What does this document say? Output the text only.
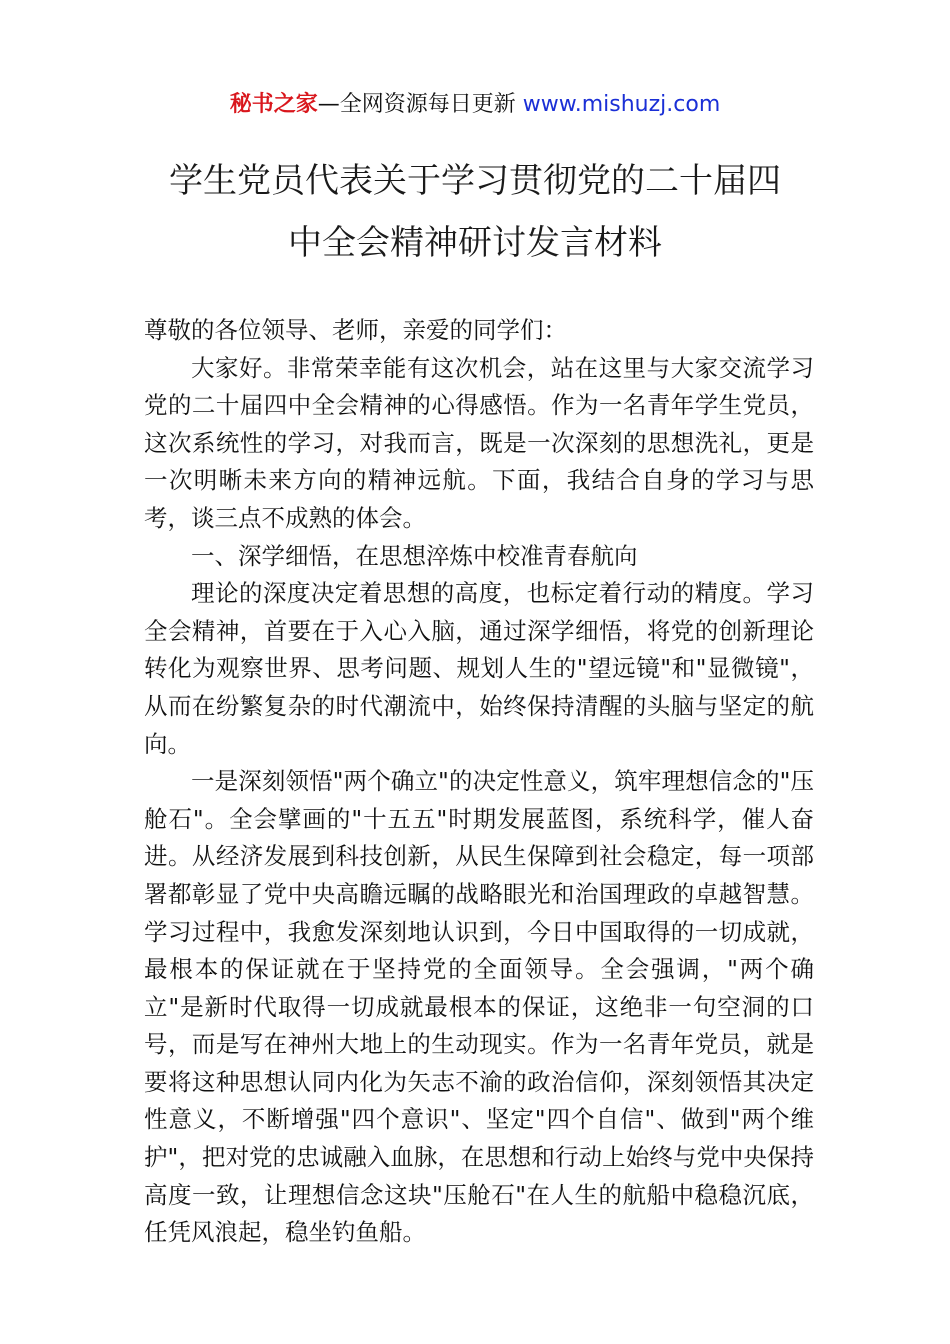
秘书之家—全网资源每日更新 www.mishuzj.com
学生党员代表关于学习贯彻党的二十届四
中全会精神研讨发言材料

尊敬的各位领导、老师，亲爱的同学们：

大家好。非常荣幸能有这次机会，站在这里与大家交流学习党的二十届四中全会精神的心得感悟。作为一名青年学生党员，这次系统性的学习，对我而言，既是一次深刻的思想洗礼，更是一次明晰未来方向的精神远航。下面，我结合自身的学习与思考，谈三点不成熟的体会。

一、深学细悟，在思想淬炼中校准青春航向

理论的深度决定着思想的高度，也标定着行动的精度。学习全会精神，首要在于入心入脑，通过深学细悟，将党的创新理论转化为观察世界、思考问题、规划人生的"望远镜"和"显微镜"，从而在纷繁复杂的时代潮流中，始终保持清醒的头脑与坚定的航向。

一是深刻领悟"两个确立"的决定性意义，筑牢理想信念的"压舱石"。全会擘画的"十五五"时期发展蓝图，系统科学，催人奋进。从经济发展到科技创新，从民生保障到社会稳定，每一项部署都彰显了党中央高瞻远瞩的战略眼光和治国理政的卓越智慧。学习过程中，我愈发深刻地认识到，今日中国取得的一切成就，最根本的保证就在于坚持党的全面领导。全会强调，"两个确立"是新时代取得一切成就最根本的保证，这绝非一句空洞的口号，而是写在神州大地上的生动现实。作为一名青年党员，就是要将这种思想认同内化为矢志不渝的政治信仰，深刻领悟其决定性意义，不断增强"四个意识"、坚定"四个自信"、做到"两个维护"，把对党的忠诚融入血脉，在思想和行动上始终与党中央保持高度一致，让理想信念这块"压舱石"在人生的航船中稳稳沉底，任凭风浪起，稳坐钓鱼船。
